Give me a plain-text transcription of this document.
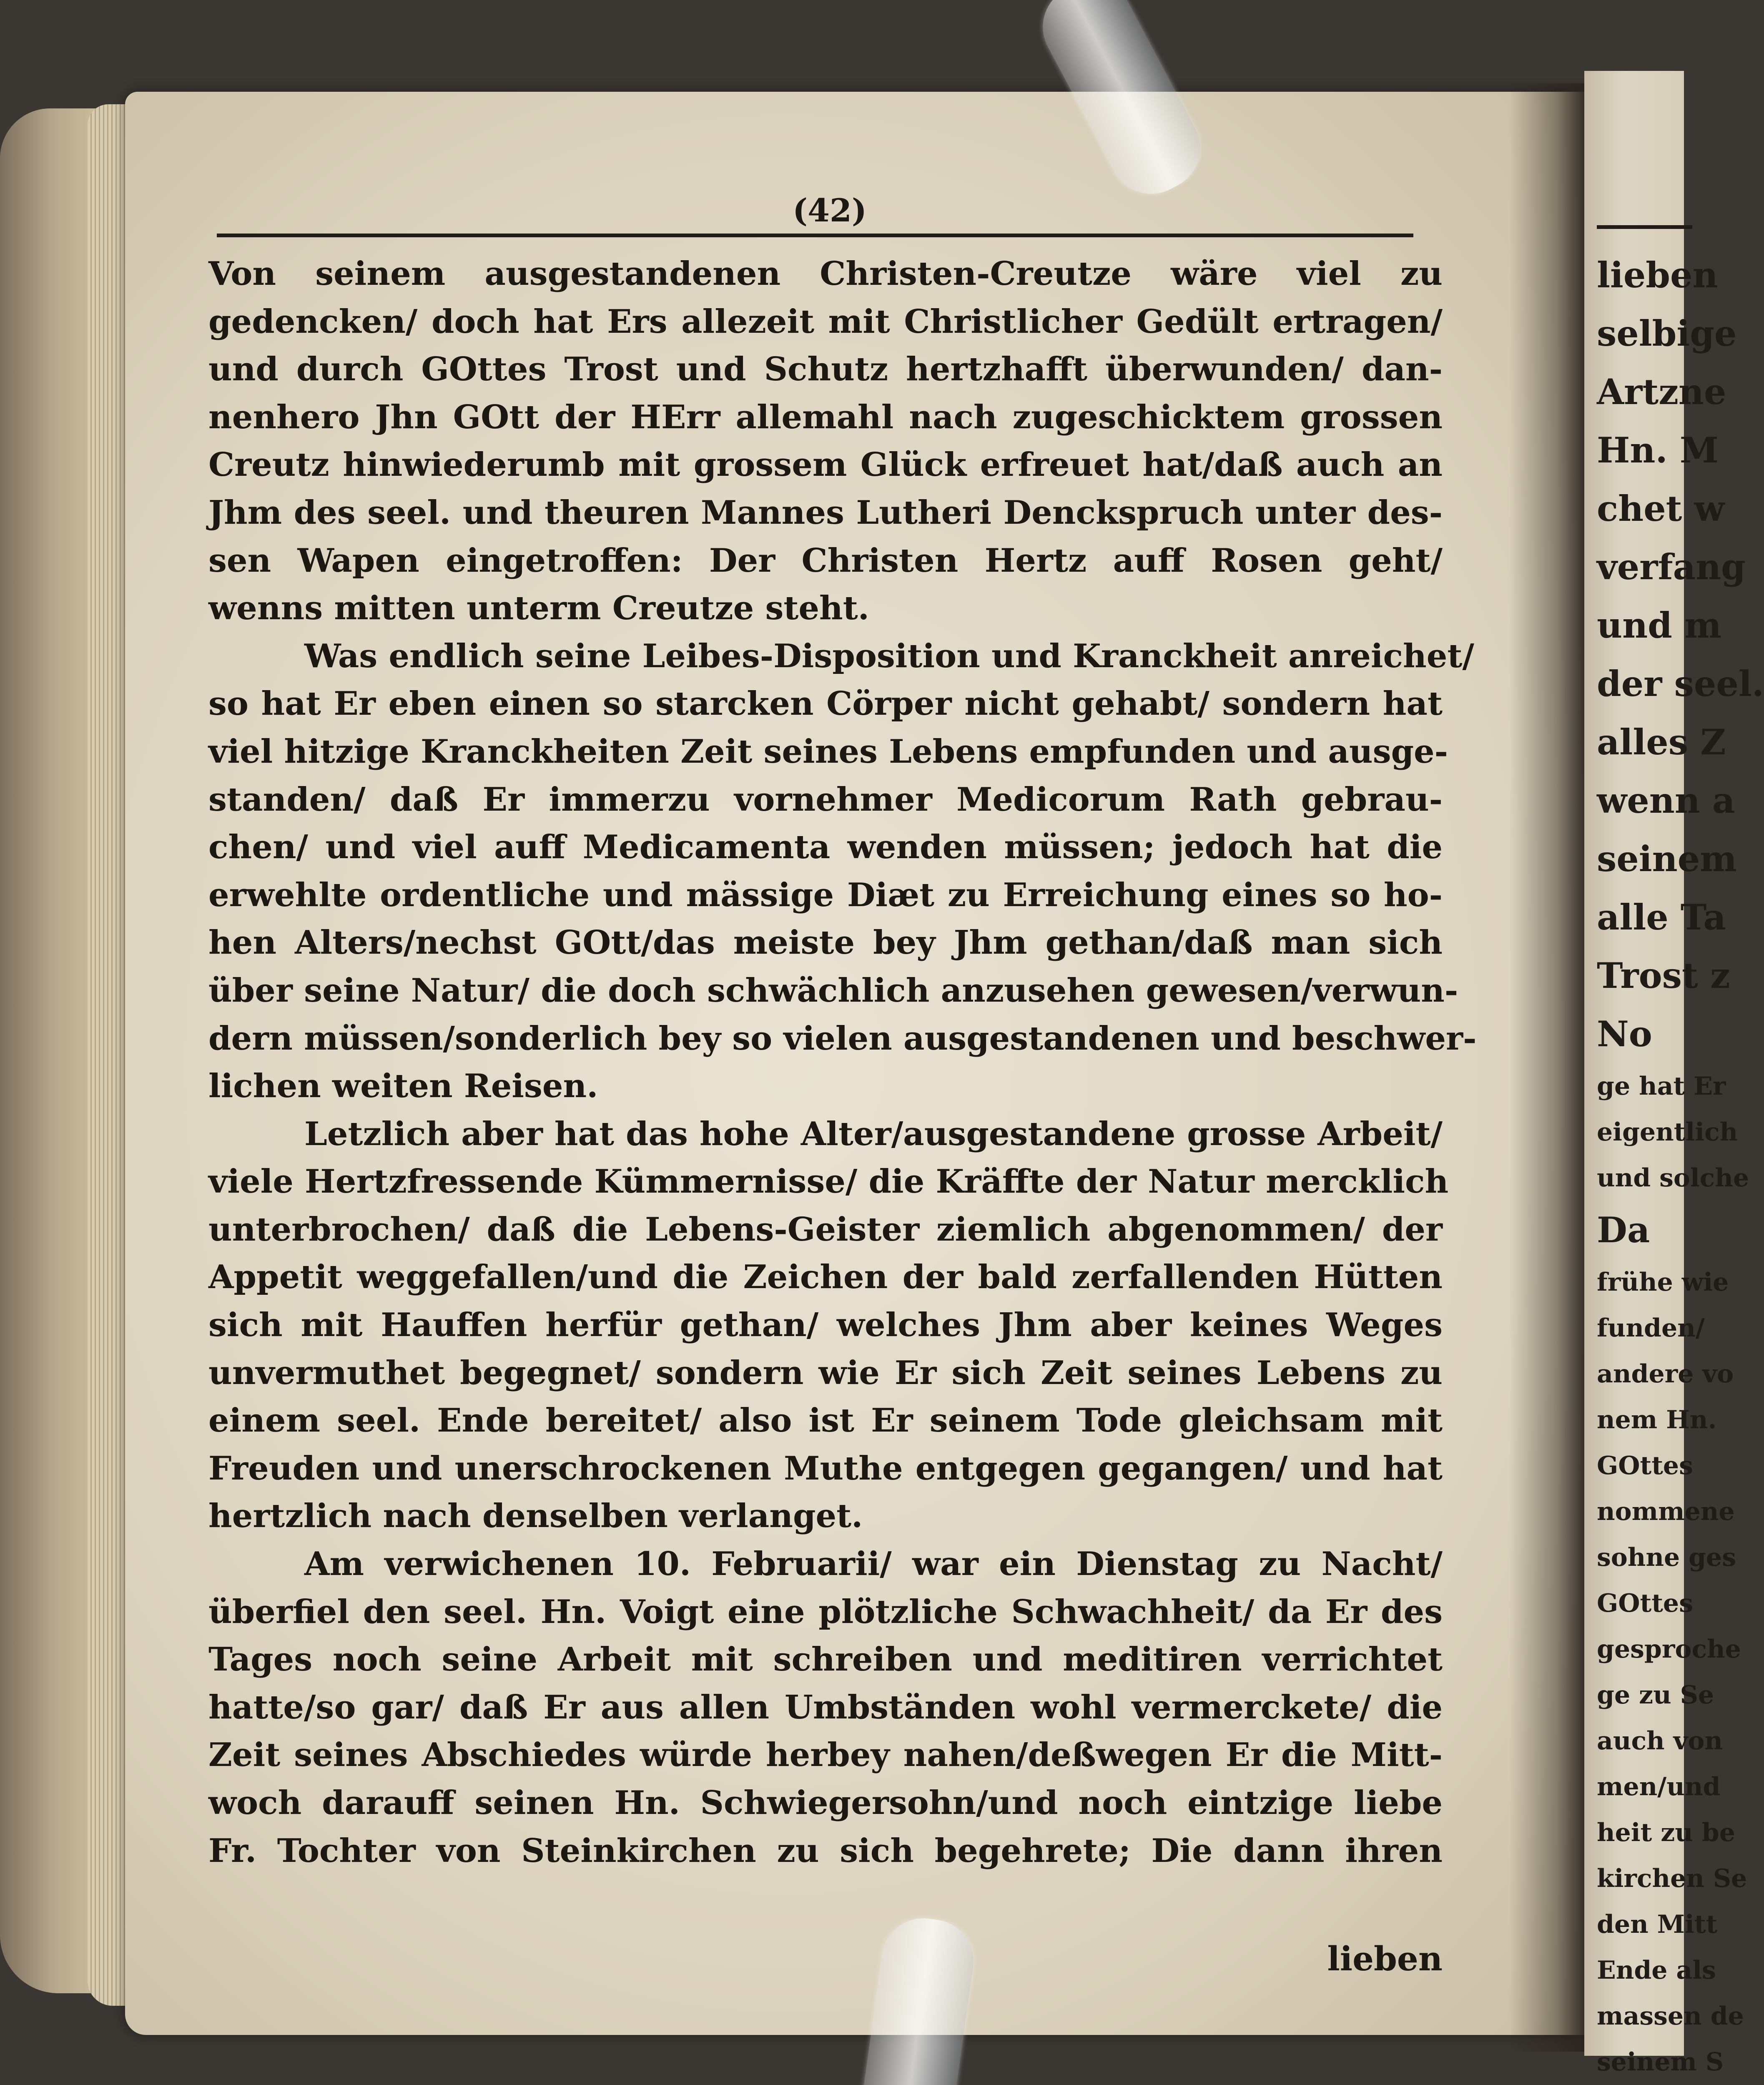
(42)
Von seinem ausgestandenen Christen-Creutze wäre viel zu
gedencken/ doch hat Ers allezeit mit Christlicher Gedült ertragen/
und durch GOttes Trost und Schutz hertzhafft überwunden/ dan-
nenhero Jhn GOtt der HErr allemahl nach zugeschicktem grossen
Creutz hinwiederumb mit grossem Glück erfreuet hat/daß auch an
Jhm des seel. und theuren Mannes Lutheri Denckspruch unter des-
sen Wapen eingetroffen: Der Christen Hertz auff Rosen geht/
wenns mitten unterm Creutze steht.
Was endlich seine Leibes-Disposition und Kranckheit anreichet/
so hat Er eben einen so starcken Cörper nicht gehabt/ sondern hat
viel hitzige Kranckheiten Zeit seines Lebens empfunden und ausge-
standen/ daß Er immerzu vornehmer Medicorum Rath gebrau-
chen/ und viel auff Medicamenta wenden müssen; jedoch hat die
erwehlte ordentliche und mässige Diæt zu Erreichung eines so ho-
hen Alters/nechst GOtt/das meiste bey Jhm gethan/daß man sich
über seine Natur/ die doch schwächlich anzusehen gewesen/verwun-
dern müssen/sonderlich bey so vielen ausgestandenen und beschwer-
lichen weiten Reisen.
Letzlich aber hat das hohe Alter/ausgestandene grosse Arbeit/
viele Hertzfressende Kümmernisse/ die Kräffte der Natur mercklich
unterbrochen/ daß die Lebens-Geister ziemlich abgenommen/ der
Appetit weggefallen/und die Zeichen der bald zerfallenden Hütten
sich mit Hauffen herfür gethan/ welches Jhm aber keines Weges
unvermuthet begegnet/ sondern wie Er sich Zeit seines Lebens zu
einem seel. Ende bereitet/ also ist Er seinem Tode gleichsam mit
Freuden und unerschrockenen Muthe entgegen gegangen/ und hat
hertzlich nach denselben verlanget.
Am verwichenen 10. Februarii/ war ein Dienstag zu Nacht/
überfiel den seel. Hn. Voigt eine plötzliche Schwachheit/ da Er des
Tages noch seine Arbeit mit schreiben und meditiren verrichtet
hatte/so gar/ daß Er aus allen Umbständen wohl vermerckete/ die
Zeit seines Abschiedes würde herbey nahen/deßwegen Er die Mitt-
woch darauff seinen Hn. Schwiegersohn/und noch eintzige liebe
Fr. Tochter von Steinkirchen zu sich begehrete; Die dann ihren
lieben
lieben
selbige
Artzne
Hn. M
chet w
verfang
und m
der seel.
alles Z
wenn a
seinem
alle Ta
Trost z
No
ge hat Er
eigentlich
und solche
Da
frühe wie
funden/
andere vo
nem Hn.
GOttes
nommene
sohne ges
GOttes
gesproche
ge zu Se
auch von
men/und
heit zu be
kirchen Se
den Mitt
Ende als
massen de
seinem S
